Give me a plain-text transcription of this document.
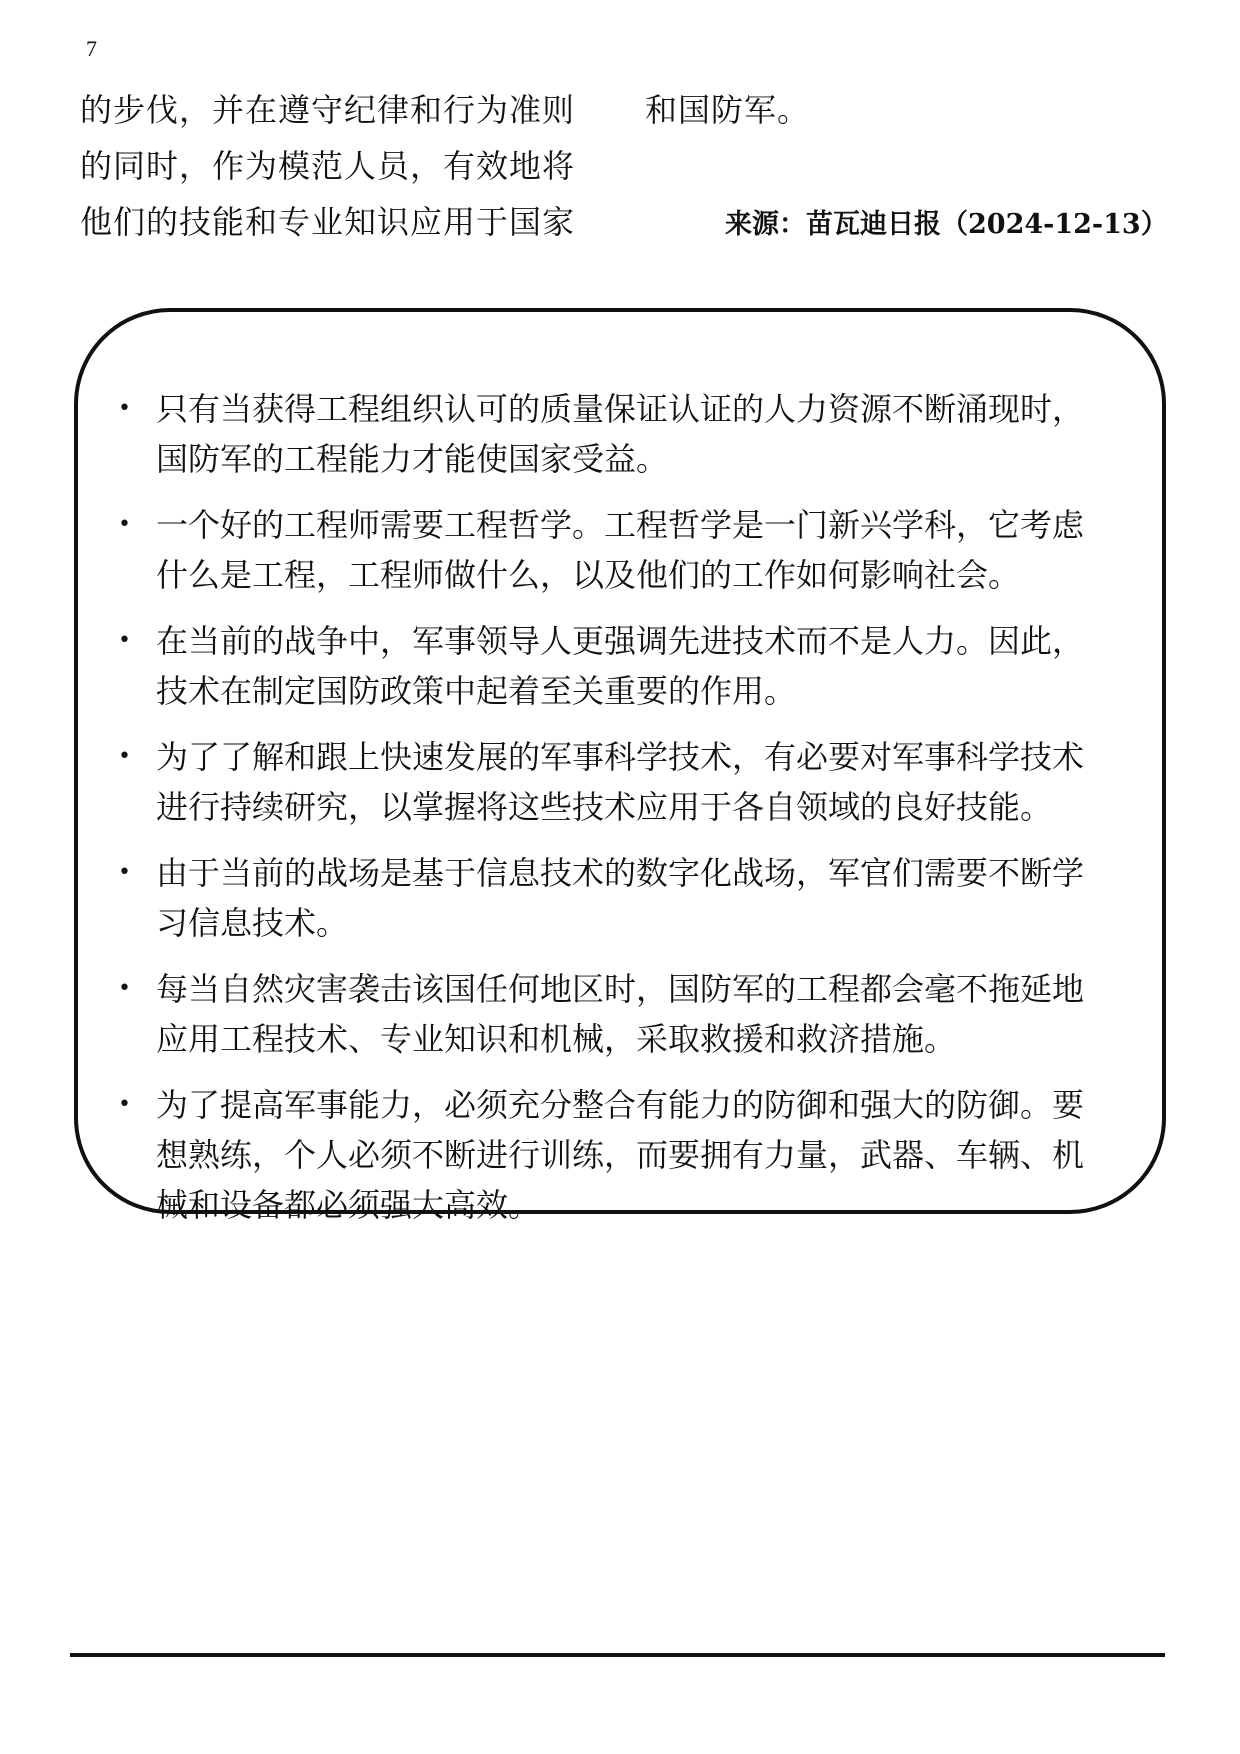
7
的步伐，并在遵守纪律和行为准则
的同时，作为模范人员，有效地将
他们的技能和专业知识应用于国家
和国防军。
来源：苗瓦迪日报（2024-12-13）
• 只有当获得工程组织认可的质量保证认证的人力资源不断涌现时，
国防军的工程能力才能使国家受益。
• 一个好的工程师需要工程哲学。工程哲学是一门新兴学科，它考虑
什么是工程，工程师做什么，以及他们的工作如何影响社会。
• 在当前的战争中，军事领导人更强调先进技术而不是人力。因此，
技术在制定国防政策中起着至关重要的作用。
• 为了了解和跟上快速发展的军事科学技术，有必要对军事科学技术
进行持续研究，以掌握将这些技术应用于各自领域的良好技能。
• 由于当前的战场是基于信息技术的数字化战场，军官们需要不断学
习信息技术。
• 每当自然灾害袭击该国任何地区时，国防军的工程都会毫不拖延地
应用工程技术、专业知识和机械，采取救援和救济措施。
• 为了提高军事能力，必须充分整合有能力的防御和强大的防御。要
想熟练，个人必须不断进行训练，而要拥有力量，武器、车辆、机
械和设备都必须强大高效。
